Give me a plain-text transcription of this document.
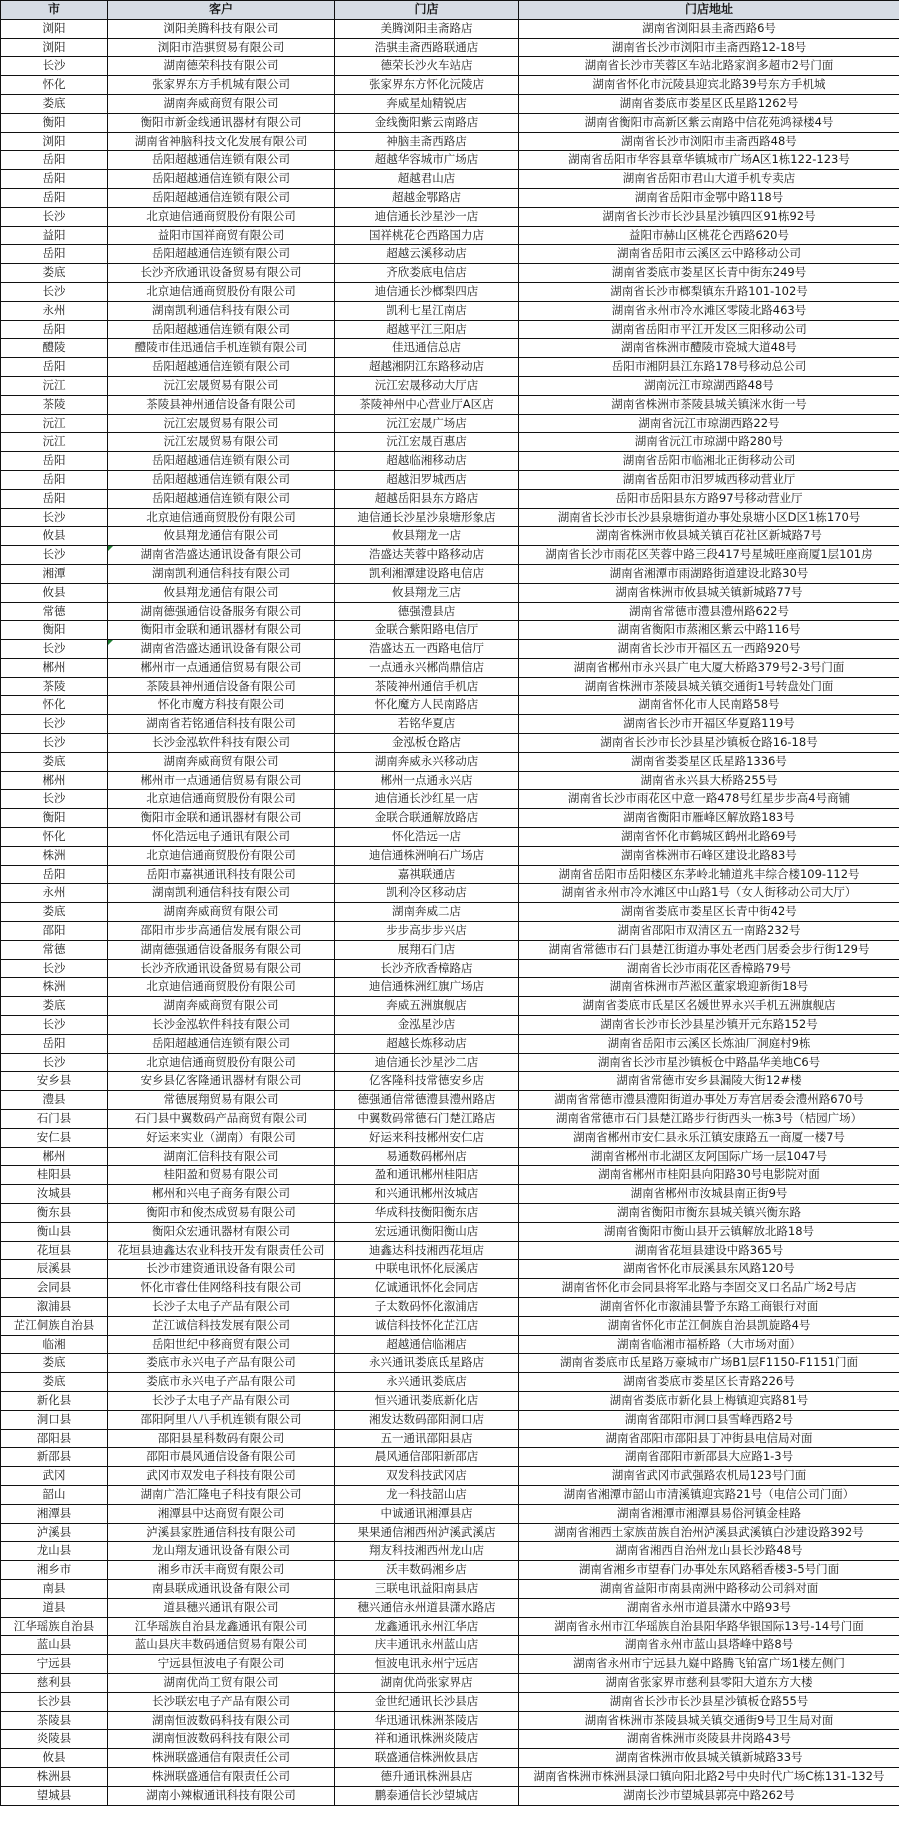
市	客户	门店	门店地址
浏阳	浏阳美腾科技有限公司	美腾浏阳圭斋路店	湖南省浏阳县圭斋西路6号
浏阳	浏阳市浩骐贸易有限公司	浩骐圭斋西路联通店	湖南省长沙市浏阳市圭斋西路12-18号
长沙	湖南德荣科技有限公司	德荣长沙火车站店	湖南省长沙市芙蓉区车站北路家润多超市2号门面
怀化	张家界东方手机城有限公司	张家界东方怀化沅陵店	湖南省怀化市沅陵县迎宾北路39号东方手机城
娄底	湖南奔威商贸有限公司	奔威星灿精锐店	湖南省娄底市娄星区氐星路1262号
衡阳	衡阳市新金线通讯器材有限公司	金线衡阳紫云南路店	湖南省衡阳市高新区紫云南路中信花苑鸿禄楼4号
浏阳	湖南省神脑科技文化发展有限公司	神脑圭斋西路店	湖南省长沙市浏阳市圭斋西路48号
岳阳	岳阳超越通信连锁有限公司	超越华容城市广场店	湖南省岳阳市华容县章华镇城市广场A区1栋122-123号
岳阳	岳阳超越通信连锁有限公司	超越君山店	湖南省岳阳市君山大道手机专卖店
岳阳	岳阳超越通信连锁有限公司	超越金鄂路店	湖南省岳阳市金鄂中路118号
长沙	北京迪信通商贸股份有限公司	迪信通长沙星沙一店	湖南省长沙市长沙县星沙镇四区91栋92号
益阳	益阳市国祥商贸有限公司	国祥桃花仑西路国力店	益阳市赫山区桃花仑西路620号
岳阳	岳阳超越通信连锁有限公司	超越云溪移动店	湖南省岳阳市云溪区云中路移动公司
娄底	长沙齐欣通讯设备贸易有限公司	齐欣娄底电信店	湖南省娄底市娄星区长青中街东249号
长沙	北京迪信通商贸股份有限公司	迪信通长沙榔梨四店	湖南省长沙市榔梨镇东升路101-102号
永州	湖南凯利通信科技有限公司	凯利七星江南店	湖南省永州市冷水滩区零陵北路463号
岳阳	岳阳超越通信连锁有限公司	超越平江三阳店	湖南省岳阳市平江开发区三阳移动公司
醴陵	醴陵市佳迅通信手机连锁有限公司	佳迅通信总店	湖南省株洲市醴陵市瓷城大道48号
岳阳	岳阳超越通信连锁有限公司	超越湘阴江东路移动店	岳阳市湘阴县江东路178号移动总公司
沅江	沅江宏晟贸易有限公司	沅江宏晟移动大厅店	湖南沅江市琼湖西路48号
茶陵	茶陵县神州通信设备有限公司	茶陵神州中心营业厅A区店	湖南省株洲市茶陵县城关镇洣水街一号
沅江	沅江宏晟贸易有限公司	沅江宏晟广场店	湖南省沅江市琼湖西路22号
沅江	沅江宏晟贸易有限公司	沅江宏晟百惠店	湖南省沅江市琼湖中路280号
岳阳	岳阳超越通信连锁有限公司	超越临湘移动店	湖南省岳阳市临湘北正街移动公司
岳阳	岳阳超越通信连锁有限公司	超越汨罗城西店	湖南省岳阳市汨罗城西移动营业厅
岳阳	岳阳超越通信连锁有限公司	超越岳阳县东方路店	岳阳市岳阳县东方路97号移动营业厅
长沙	北京迪信通商贸股份有限公司	迪信通长沙星沙泉塘形象店	湖南省长沙市长沙县泉塘街道办事处泉塘小区D区1栋170号
攸县	攸县翔龙通信有限公司	攸县翔龙一店	湖南省株洲市攸县城关镇百花社区新城路7号
长沙	湖南省浩盛达通讯设备有限公司	浩盛达芙蓉中路移动店	湖南省长沙市雨花区芙蓉中路三段417号星城旺座商厦1层101房
湘潭	湖南凯利通信科技有限公司	凯利湘潭建设路电信店	湖南省湘潭市雨湖路街道建设北路30号
攸县	攸县翔龙通信有限公司	攸县翔龙三店	湖南省株洲市攸县城关镇新城路77号
常德	湖南德强通信设备服务有限公司	德强澧县店	湖南省常德市澧县澧州路622号
衡阳	衡阳市金联和通讯器材有限公司	金联合紫阳路电信厅	湖南省衡阳市蒸湘区紫云中路116号
长沙	湖南省浩盛达通讯设备有限公司	浩盛达五一西路电信厅	湖南省长沙市开福区五一西路920号
郴州	郴州市一点通通信贸易有限公司	一点通永兴郴尚鼎信店	湖南省郴州市永兴县广电大厦大桥路379号2-3号门面
茶陵	茶陵县神州通信设备有限公司	茶陵神州通信手机店	湖南省株洲市茶陵县城关镇交通街1号转盘处门面
怀化	怀化市魔方科技有限公司	怀化魔方人民南路店	湖南省怀化市人民南路58号
长沙	湖南省若铭通信科技有限公司	若铭华夏店	湖南省长沙市开福区华夏路119号
长沙	长沙金泓软件科技有限公司	金泓板仓路店	湖南省长沙市长沙县星沙镇板仓路16-18号
娄底	湖南奔威商贸有限公司	湖南奔威永兴移动店	湖南省娄娄星区氐星路1336号
郴州	郴州市一点通通信贸易有限公司	郴州一点通永兴店	湖南省永兴县大桥路255号
长沙	北京迪信通商贸股份有限公司	迪信通长沙红星一店	湖南省长沙市雨花区中意一路478号红星步步高4号商铺
衡阳	衡阳市金联和通讯器材有限公司	金联合联通解放路店	湖南省衡阳市雁峰区解放路183号
怀化	怀化浩远电子通讯有限公司	怀化浩远一店	湖南省怀化市鹤城区鹤州北路69号
株洲	北京迪信通商贸股份有限公司	迪信通株洲响石广场店	湖南省株洲市石峰区建设北路83号
岳阳	岳阳市嘉祺通讯科技有限公司	嘉祺联通店	湖南省岳阳市岳阳楼区东茅岭北辅道兆丰综合楼109-112号
永州	湖南凯利通信科技有限公司	凯利冷区移动店	湖南省永州市冷水滩区中山路1号（女人街移动公司大厅）
娄底	湖南奔威商贸有限公司	湖南奔威二店	湖南省娄底市娄星区长青中街42号
邵阳	邵阳市步步高通信发展有限公司	步步高步步兴店	湖南省邵阳市双清区五一南路232号
常德	湖南德强通信设备服务有限公司	展翔石门店	湖南省常德市石门县楚江街道办事处老西门居委会步行街129号
长沙	长沙齐欣通讯设备贸易有限公司	长沙齐欣香樟路店	湖南省长沙市雨花区香樟路79号
株洲	北京迪信通商贸股份有限公司	迪信通株洲红旗广场店	湖南省株洲市芦淞区董家塅迎新街18号
娄底	湖南奔威商贸有限公司	奔威五洲旗舰店	湖南省娄底市氐星区名媛世界永兴手机五洲旗舰店
长沙	长沙金泓软件科技有限公司	金泓星沙店	湖南省长沙市长沙县星沙镇开元东路152号
岳阳	岳阳超越通信连锁有限公司	超越长炼移动店	湖南省岳阳市云溪区长炼油厂洞庭村9栋
长沙	北京迪信通商贸股份有限公司	迪信通长沙星沙二店	湖南省长沙市星沙镇板仓中路晶华美地C6号
安乡县	安乡县亿客隆通讯器材有限公司	亿客隆科技常德安乡店	湖南省常德市安乡县漏陵大街12#楼
澧县	常德展翔贸易有限公司	德强通信常德澧县澧州路店	湖南省常德市澧县澧阳街道办事处万寿宫居委会澧州路670号
石门县	石门县中翼数码产品商贸有限公司	中翼数码常德石门楚江路店	湖南省常德市石门县楚江路步行街西头一栋3号（桔园广场）
安仁县	好运来实业（湖南）有限公司	好运来科技郴州安仁店	湖南省郴州市安仁县永乐江镇安康路五一商厦一楼7号
郴州	湖南汇信科技有限公司	易通数码郴州店	湖南省郴州市北湖区友阿国际广场一层1047号
桂阳县	桂阳盈和贸易有限公司	盈和通讯郴州桂阳店	湖南省郴州市桂阳县向阳路30号电影院对面
汝城县	郴州和兴电子商务有限公司	和兴通讯郴州汝城店	湖南省郴州市汝城县南正街9号
衡东县	衡阳市和俊杰成贸易有限公司	华成科技衡阳衡东店	湖南省衡阳市衡东县城关镇兴衡东路
衡山县	衡阳众宏通讯器材有限公司	宏远通讯衡阳衡山店	湖南省衡阳市衡山县开云镇解放北路18号
花垣县	花垣县迪鑫达农业科技开发有限责任公司	迪鑫达科技湘西花垣店	湖南省花垣县建设中路365号
辰溪县	长沙市建资通讯设备有限公司	中联电讯怀化辰溪店	湖南省怀化市辰溪县东风路120号
会同县	怀化市睿仕佳网络科技有限公司	亿诚通讯怀化会同店	湖南省怀化市会同县将军北路与李固交叉口名品广场2号店
溆浦县	长沙子太电子产品有限公司	子太数码怀化溆浦店	湖南省怀化市溆浦县警予东路工商银行对面
芷江侗族自治县	芷江诚信科技发展有限公司	诚信科技怀化芷江店	湖南省怀化市芷江侗族自治县凯旋路4号
临湘	岳阳世纪中移商贸有限公司	超越通信临湘店	湖南省临湘市福桥路（大市场对面）
娄底	娄底市永兴电子产品有限公司	永兴通讯娄底氐星路店	湖南省娄底市氐星路万豪城市广场B1层F1150-F1151门面
娄底	娄底市永兴电子产品有限公司	永兴通讯娄底店	湖南省娄底市娄星区长青路226号
新化县	长沙子太电子产品有限公司	恒兴通讯娄底新化店	湖南省娄底市新化县上梅镇迎宾路81号
洞口县	邵阳阿里八八手机连锁有限公司	湘发达数码邵阳洞口店	湖南省邵阳市洞口县雪峰西路2号
邵阳县	邵阳县星科数码有限公司	五一通讯邵阳县店	湖南省邵阳市邵阳县丁冲街县电信局对面
新邵县	邵阳市晨风通信设备有限公司	晨风通信邵阳新邵店	湖南省邵阳市新邵县大应路1-3号
武冈	武冈市双发电子科技有限公司	双发科技武冈店	湖南省武冈市武强路农机局123号门面
韶山	湖南广浩汇隆电子科技有限公司	龙一科技韶山店	湖南省湘潭市韶山市清溪镇迎宾路21号（电信公司门面）
湘潭县	湘潭县中达商贸有限公司	中诚通讯湘潭县店	湖南省湘潭市湘潭县易俗河镇金桂路
泸溪县	泸溪县家胜通信科技有限公司	果果通信湘西州泸溪武溪店	湖南省湘西土家族苗族自治州泸溪县武溪镇白沙建设路392号
龙山县	龙山翔友通讯设备有限公司	翔友科技湘西州龙山店	湖南省湘西自治州龙山县长沙路48号
湘乡市	湘乡市沃丰商贸有限公司	沃丰数码湘乡店	湖南省湘乡市望春门办事处东风路稻香楼3-5号门面
南县	南县联成通讯设备有限公司	三联电讯益阳南县店	湖南省益阳市南县南洲中路移动公司斜对面
道县	道县穗兴通讯有限公司	穗兴通信永州道县潇水路店	湖南省永州市道县潇水中路93号
江华瑶族自治县	江华瑶族自治县龙鑫通讯有限公司	龙鑫通讯永州江华店	湖南省永州市江华瑶族自治县阳华路华银国际13号-14号门面
蓝山县	蓝山县庆丰数码通信贸易有限公司	庆丰通讯永州蓝山店	湖南省永州市蓝山县塔峰中路8号
宁远县	宁远县恒波电子有限公司	恒波电讯永州宁远店	湖南省永州市宁远县九嶷中路腾飞铂富广场1楼左侧门
慈利县	湖南优尚工贸有限公司	湖南优尚张家界店	湖南省张家界市慈利县零阳大道东方大楼
长沙县	长沙联宏电子产品有限公司	金世纪通讯长沙县店	湖南省长沙市长沙县星沙镇板仓路55号
茶陵县	湖南恒波数码科技有限公司	华迅通讯株洲茶陵店	湖南省株洲市茶陵县城关镇交通街9号卫生局对面
炎陵县	湖南恒波数码科技有限公司	祥和通讯株洲炎陵店	湖南省株洲市炎陵县井岗路43号
攸县	株洲联盛通信有限责任公司	联盛通信株洲攸县店	湖南省株洲市攸县城关镇新城路33号
株洲县	株洲联盛通信有限责任公司	德升通讯株洲县店	湖南省株洲市株洲县渌口镇向阳北路2号中央时代广场C栋131-132号
望城县	湖南小辣椒通讯科技有限公司	鹏泰通信长沙望城店	湖南长沙市望城县郭亮中路262号
